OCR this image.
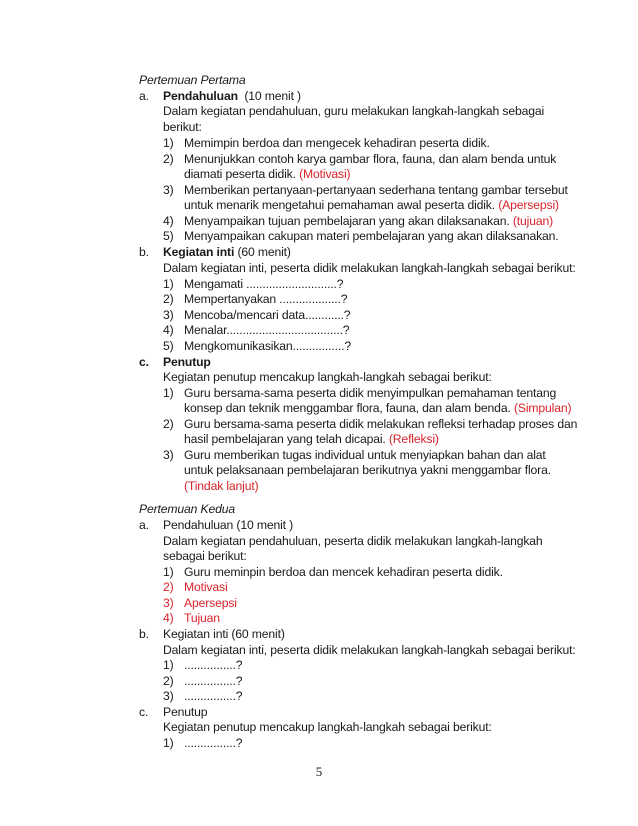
Pertemuan Pertama
a. Pendahuluan (10 menit )
Dalam kegiatan pendahuluan, guru melakukan langkah-langkah sebagai
berikut:
1) Memimpin berdoa dan mengecek kehadiran peserta didik.
2) Menunjukkan contoh karya gambar flora, fauna, dan alam benda untuk
diamati peserta didik. (Motivasi)
3) Memberikan pertanyaan-pertanyaan sederhana tentang gambar tersebut
untuk menarik mengetahui pemahaman awal peserta didik. (Apersepsi)
4) Menyampaikan tujuan pembelajaran yang akan dilaksanakan. (tujuan)
5) Menyampaikan cakupan materi pembelajaran yang akan dilaksanakan.
b. Kegiatan inti (60 menit)
Dalam kegiatan inti, peserta didik melakukan langkah-langkah sebagai berikut:
1) Mengamati ............................?
2) Mempertanyakan ...................?
3) Mencoba/mencari data............?
4) Menalar....................................?
5) Mengkomunikasikan................?
c. Penutup
Kegiatan penutup mencakup langkah-langkah sebagai berikut:
1) Guru bersama-sama peserta didik menyimpulkan pemahaman tentang
konsep dan teknik menggambar flora, fauna, dan alam benda. (Simpulan)
2) Guru bersama-sama peserta didik melakukan refleksi terhadap proses dan
hasil pembelajaran yang telah dicapai. (Refleksi)
3) Guru memberikan tugas individual untuk menyiapkan bahan dan alat
untuk pelaksanaan pembelajaran berikutnya yakni menggambar flora.
(Tindak lanjut)
Pertemuan Kedua
a. Pendahuluan (10 menit )
Dalam kegiatan pendahuluan, peserta didik melakukan langkah-langkah
sebagai berikut:
1) Guru meminpin berdoa dan mencek kehadiran peserta didik.
2) Motivasi
3) Apersepsi
4) Tujuan
b. Kegiatan inti (60 menit)
Dalam kegiatan inti, peserta didik melakukan langkah-langkah sebagai berikut:
1) ................?
2) ................?
3) ................?
c. Penutup
Kegiatan penutup mencakup langkah-langkah sebagai berikut:
1) ................?
5
